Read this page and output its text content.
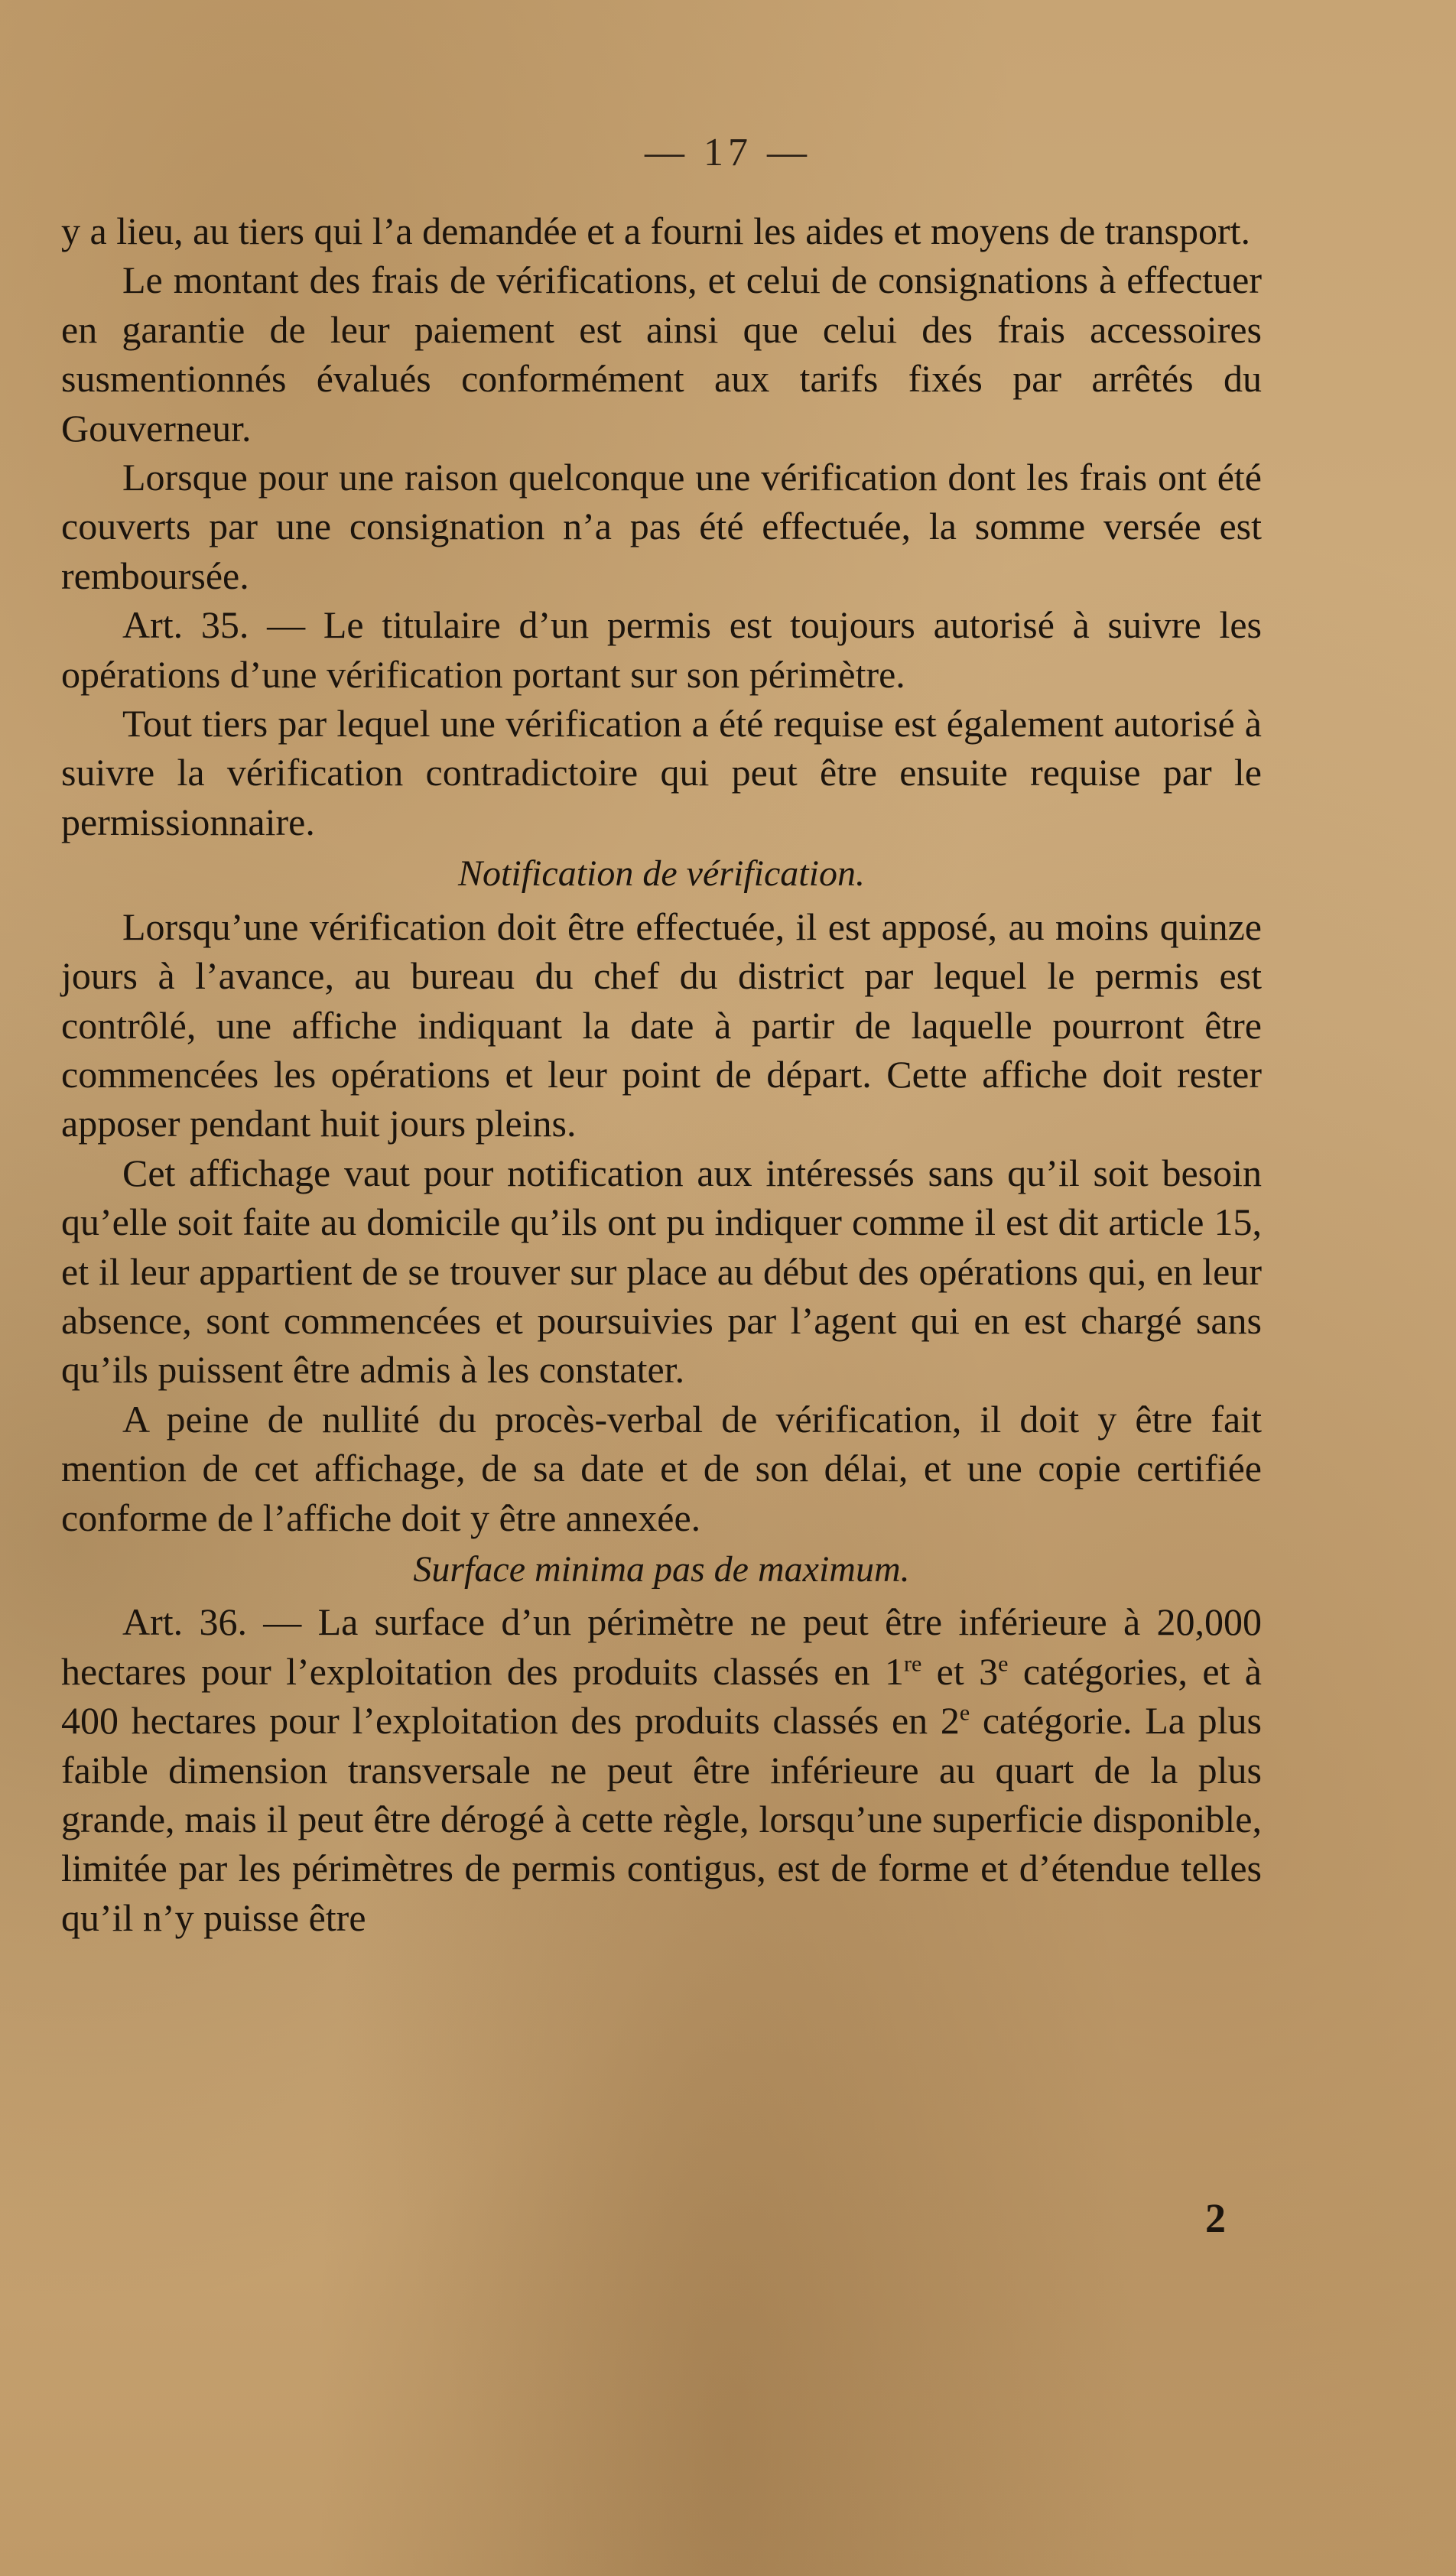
— 17 —

y a lieu, au tiers qui l’a demandée et a fourni les aides et moyens de transport.

Le montant des frais de vérifications, et celui de consignations à effectuer en garantie de leur paiement est ainsi que celui des frais accessoires susmentionnés évalués conformément aux tarifs fixés par arrêtés du Gouverneur.

Lorsque pour une raison quelconque une vérification dont les frais ont été couverts par une consignation n’a pas été effectuée, la somme versée est remboursée.

Art. 35. — Le titulaire d’un permis est toujours autorisé à suivre les opérations d’une vérification portant sur son périmètre.

Tout tiers par lequel une vérification a été requise est également autorisé à suivre la vérification contradictoire qui peut être ensuite requise par le permissionnaire.

Notification de vérification.

Lorsqu’une vérification doit être effectuée, il est apposé, au moins quinze jours à l’avance, au bureau du chef du district par lequel le permis est contrôlé, une affiche indiquant la date à partir de laquelle pourront être commencées les opérations et leur point de départ. Cette affiche doit rester apposer pendant huit jours pleins.

Cet affichage vaut pour notification aux intéressés sans qu’il soit besoin qu’elle soit faite au domicile qu’ils ont pu indiquer comme il est dit article 15, et il leur appartient de se trouver sur place au début des opérations qui, en leur absence, sont commencées et poursuivies par l’agent qui en est chargé sans qu’ils puissent être admis à les constater.

A peine de nullité du procès-verbal de vérification, il doit y être fait mention de cet affichage, de sa date et de son délai, et une copie certifiée conforme de l’affiche doit y être annexée.

Surface minima pas de maximum.

Art. 36. — La surface d’un périmètre ne peut être inférieure à 20,000 hectares pour l’exploitation des produits classés en 1re et 3e catégories, et à 400 hectares pour l’exploitation des produits classés en 2e catégorie. La plus faible dimension transversale ne peut être inférieure au quart de la plus grande, mais il peut être dérogé à cette règle, lorsqu’une superficie disponible, limitée par les périmètres de permis contigus, est de forme et d’étendue telles qu’il n’y puisse être

2
